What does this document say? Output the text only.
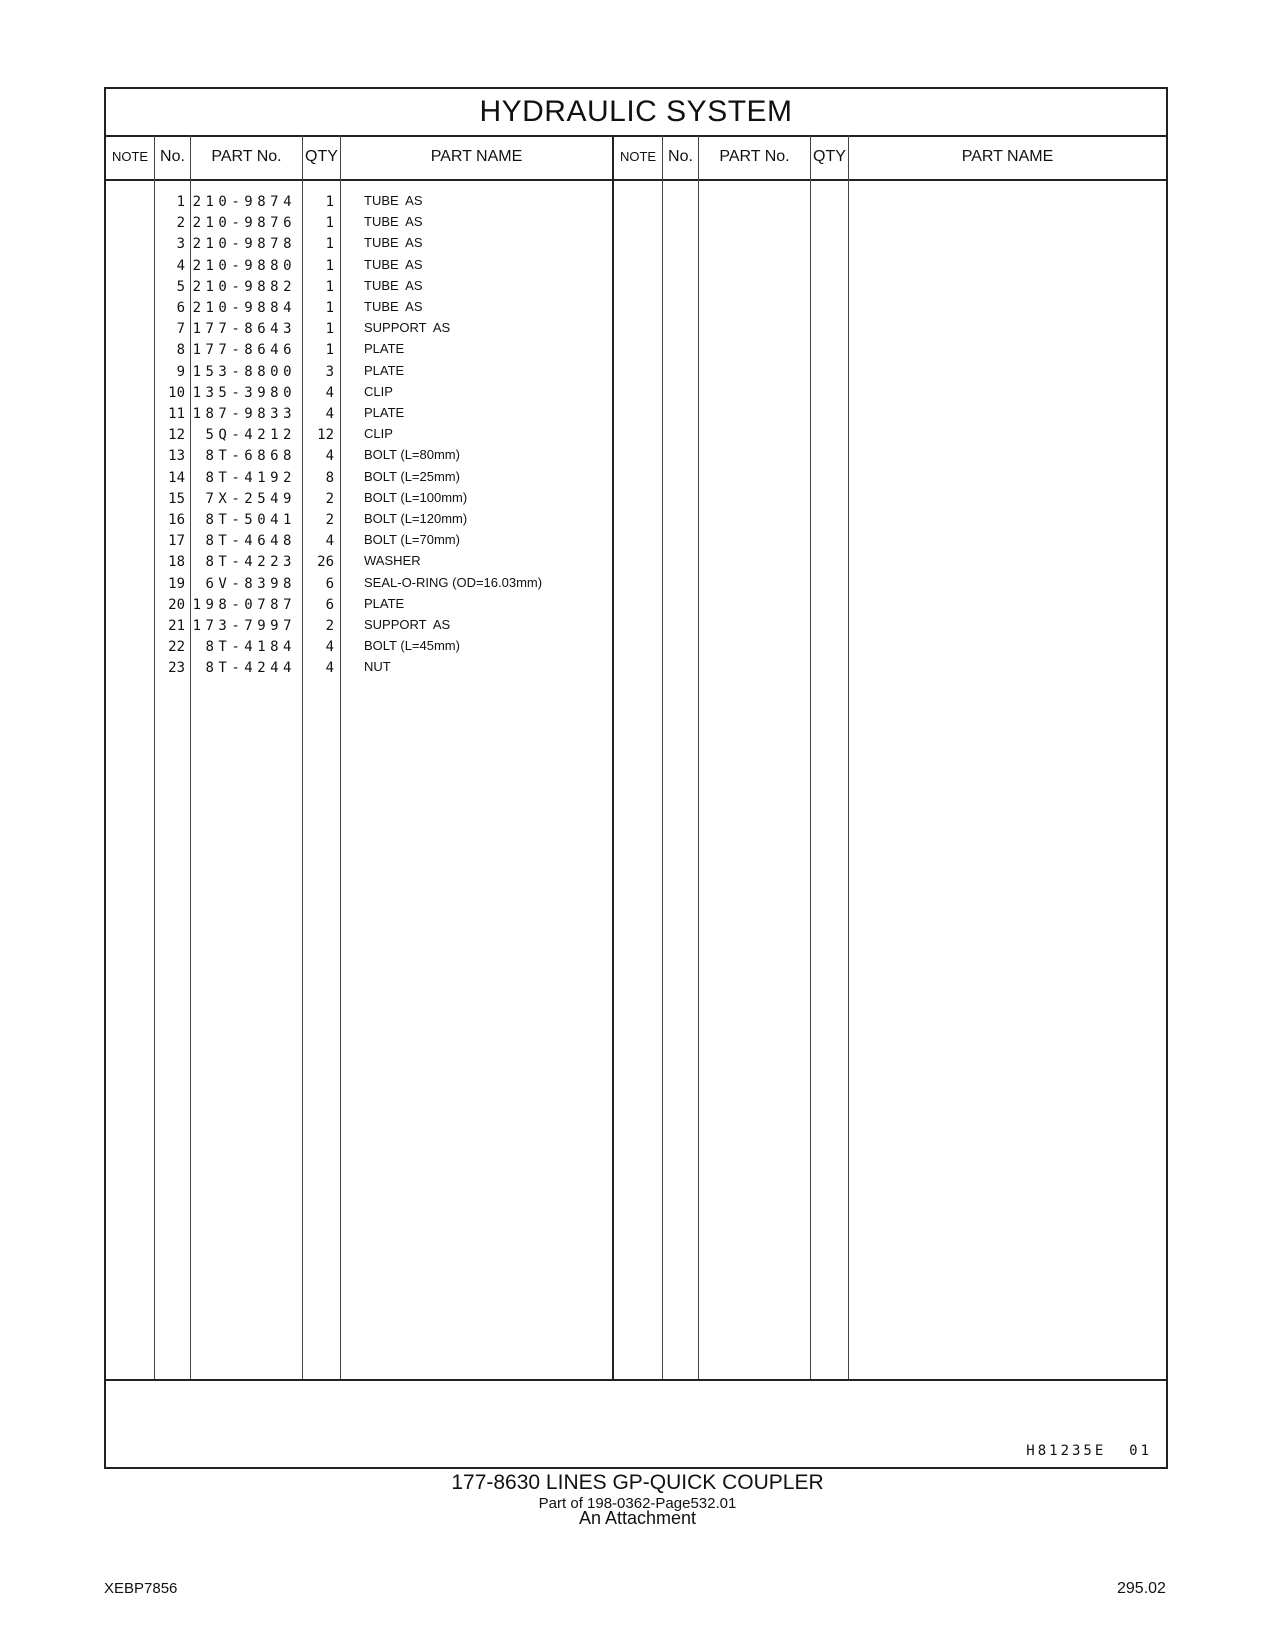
HYDRAULIC SYSTEM
NOTE No.	PART No.	QTY	PART NAME	NOTE No.	PART No.	QTY	PART NAME
1 210-9874	1 TUBE  AS
2 210-9876	1 TUBE  AS
3 210-9878	1 TUBE  AS
4 210-9880	1 TUBE  AS
5 210-9882	1 TUBE  AS
6 210-9884	1 TUBE  AS
7 177-8643	1 SUPPORT  AS
8 177-8646	1 PLATE
9 153-8800	3 PLATE
10 135-3980	4 CLIP
11 187-9833	4 PLATE
12	5Q-4212	12 CLIP
13	8T-6868	4 BOLT (L=80mm)
14	8T-4192	8 BOLT (L=25mm)
15	7X-2549	2 BOLT (L=100mm)
16	8T-5041	2 BOLT (L=120mm)
17	8T-4648	4 BOLT (L=70mm)
18	8T-4223	26 WASHER
19	6V-8398	6 SEAL-O-RING (OD=16.03mm)
20 198-0787	6 PLATE
21 173-7997	2 SUPPORT  AS
22	8T-4184	4 BOLT (L=45mm)
23	8T-4244	4 NUT
H81235E  01
177-8630 LINES GP-QUICK COUPLER
Part of 198-0362-Page532.01
An Attachment
XEBP7856	295.02
